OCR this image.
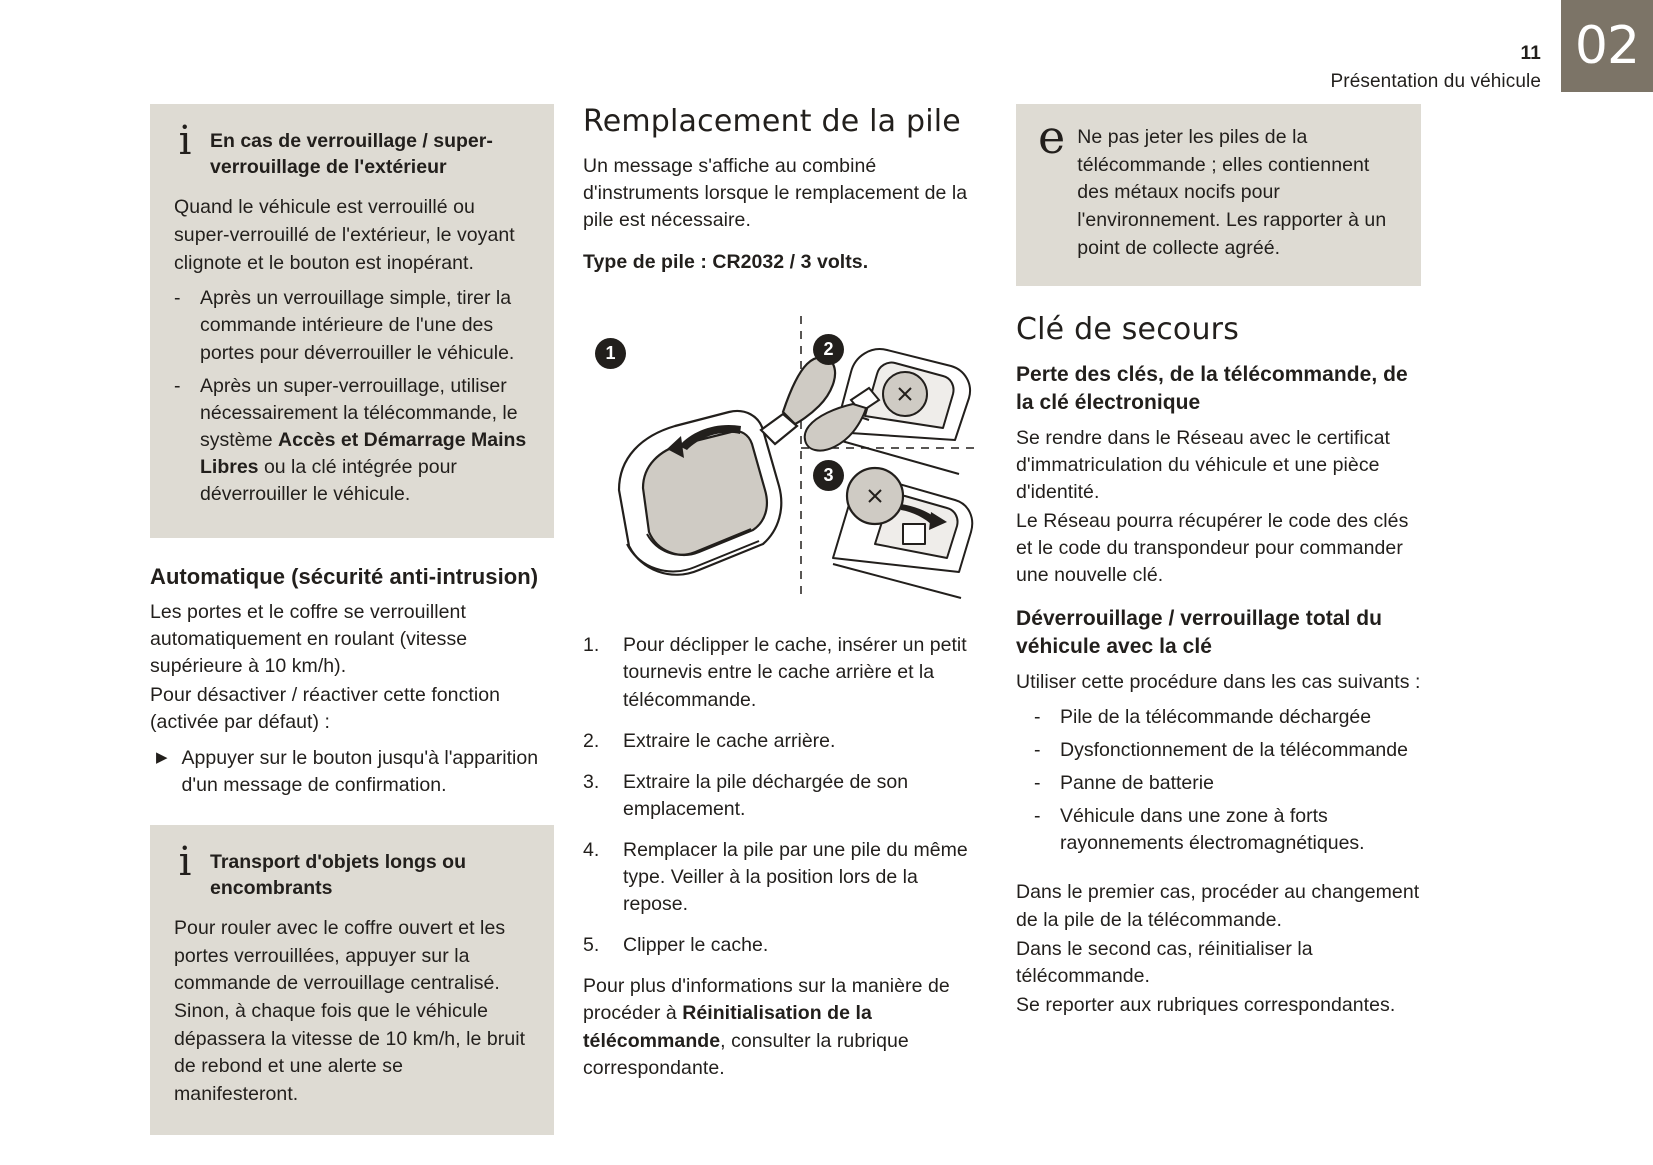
02
11
Présentation du véhicule
i En cas de verrouillage / super-verrouillage de l'extérieur

Quand le véhicule est verrouillé ou super-verrouillé de l'extérieur, le voyant clignote et le bouton est inopérant.

- Après un verrouillage simple, tirer la commande intérieure de l'une des portes pour déverrouiller le véhicule.
- Après un super-verrouillage, utiliser nécessairement la télécommande, le système Accès et Démarrage Mains Libres ou la clé intégrée pour déverrouiller le véhicule.
Automatique (sécurité anti-intrusion)

Les portes et le coffre se verrouillent automatiquement en roulant (vitesse supérieure à 10 km/h).

Pour désactiver / réactiver cette fonction (activée par défaut) :

▶ Appuyer sur le bouton jusqu'à l'apparition d'un message de confirmation.
i Transport d'objets longs ou encombrants

Pour rouler avec le coffre ouvert et les portes verrouillées, appuyer sur la commande de verrouillage centralisé. Sinon, à chaque fois que le véhicule dépassera la vitesse de 10 km/h, le bruit de rebond et une alerte se manifesteront.

Remplacement de la pile

Un message s'affiche au combiné d'instruments lorsque le remplacement de la pile est nécessaire.

Type de pile : CR2032 / 3 volts.

1	2
3
1.	Pour déclipper le cache, insérer un petit tournevis entre le cache arrière et la télécommande.
2.	Extraire le cache arrière.
3.	Extraire la pile déchargée de son emplacement.
4.	Remplacer la pile par une pile du même type. Veiller à la position lors de la repose.
5.	Clipper le cache.

Pour plus d'informations sur la manière de procéder à Réinitialisation de la télécommande, consulter la rubrique correspondante.

e Ne pas jeter les piles de la télécommande ; elles contiennent des métaux nocifs pour l'environnement. Les rapporter à un point de collecte agréé.

Clé de secours
Perte des clés, de la télécommande, de la clé électronique

Se rendre dans le Réseau avec le certificat d'immatriculation du véhicule et une pièce d'identité.

Le Réseau pourra récupérer le code des clés et le code du transpondeur pour commander une nouvelle clé.

Déverrouillage / verrouillage total du véhicule avec la clé

Utiliser cette procédure dans les cas suivants :

- Pile de la télécommande déchargée
- Dysfonctionnement de la télécommande
- Panne de batterie
- Véhicule dans une zone à forts rayonnements électromagnétiques.

Dans le premier cas, procéder au changement de la pile de la télécommande.

Dans le second cas, réinitialiser la télécommande.

Se reporter aux rubriques correspondantes.
